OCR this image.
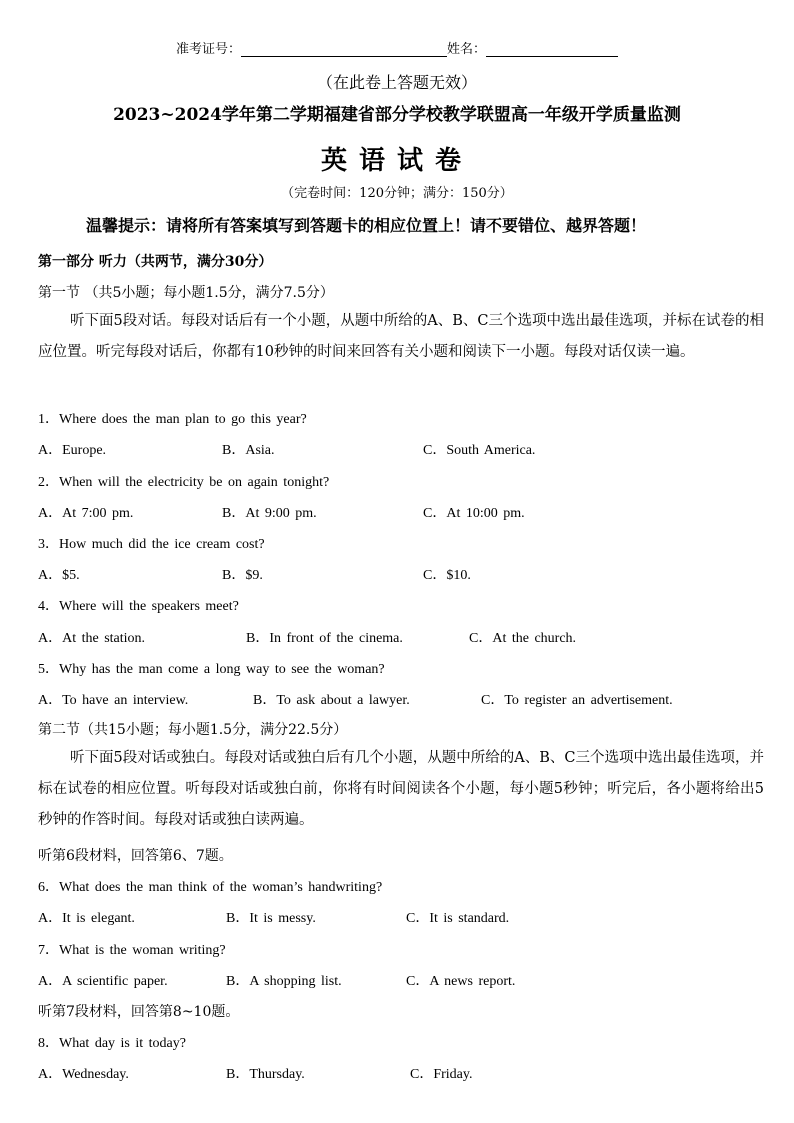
准考证号：	姓名：
（在此卷上答题无效）
2023~2024学年第二学期福建省部分学校教学联盟高一年级开学质量监测
英语试卷
（完卷时间：120分钟；满分：150分）
温馨提示：请将所有答案填写到答题卡的相应位置上！请不要错位、越界答题！
第一部分 听力（共两节，满分30分）
第一节 （共5小题；每小题1.5分，满分7.5分）
听下面5段对话。每段对话后有一个小题，从题中所给的A、B、C三个选项中选出最佳选项，并标在试卷的相应位置。听完每段对话后，你都有10秒钟的时间来回答有关小题和阅读下一小题。每段对话仅读一遍。
1．Where does the man plan to go this year?
A．Europe.	B．Asia.	C．South America.
2．When will the electricity be on again tonight?
A．At 7:00 pm.	B．At 9:00 pm.	C．At 10:00 pm.
3．How much did the ice cream cost?
A．$5.	B．$9.	C．$10.
4．Where will the speakers meet?
A．At the station.	B．In front of the cinema.	C．At the church.
5．Why has the man come a long way to see the woman?
A．To have an interview.	B．To ask about a lawyer.	C．To register an advertisement.
第二节（共15小题；每小题1.5分，满分22.5分）
听下面5段对话或独白。每段对话或独白后有几个小题，从题中所给的A、B、C三个选项中选出最佳选项，并标在试卷的相应位置。听每段对话或独白前，你将有时间阅读各个小题，每小题5秒钟；听完后，各小题将给出5秒钟的作答时间。每段对话或独白读两遍。
听第6段材料，回答第6、7题。
6．What does the man think of the woman’s handwriting?
A．It is elegant.	B．It is messy.	C．It is standard.
7．What is the woman writing?
A．A scientific paper.	B．A shopping list.	C．A news report.
听第7段材料，回答第8~10题。
8．What day is it today?
A．Wednesday.	B．Thursday.	C．Friday.
